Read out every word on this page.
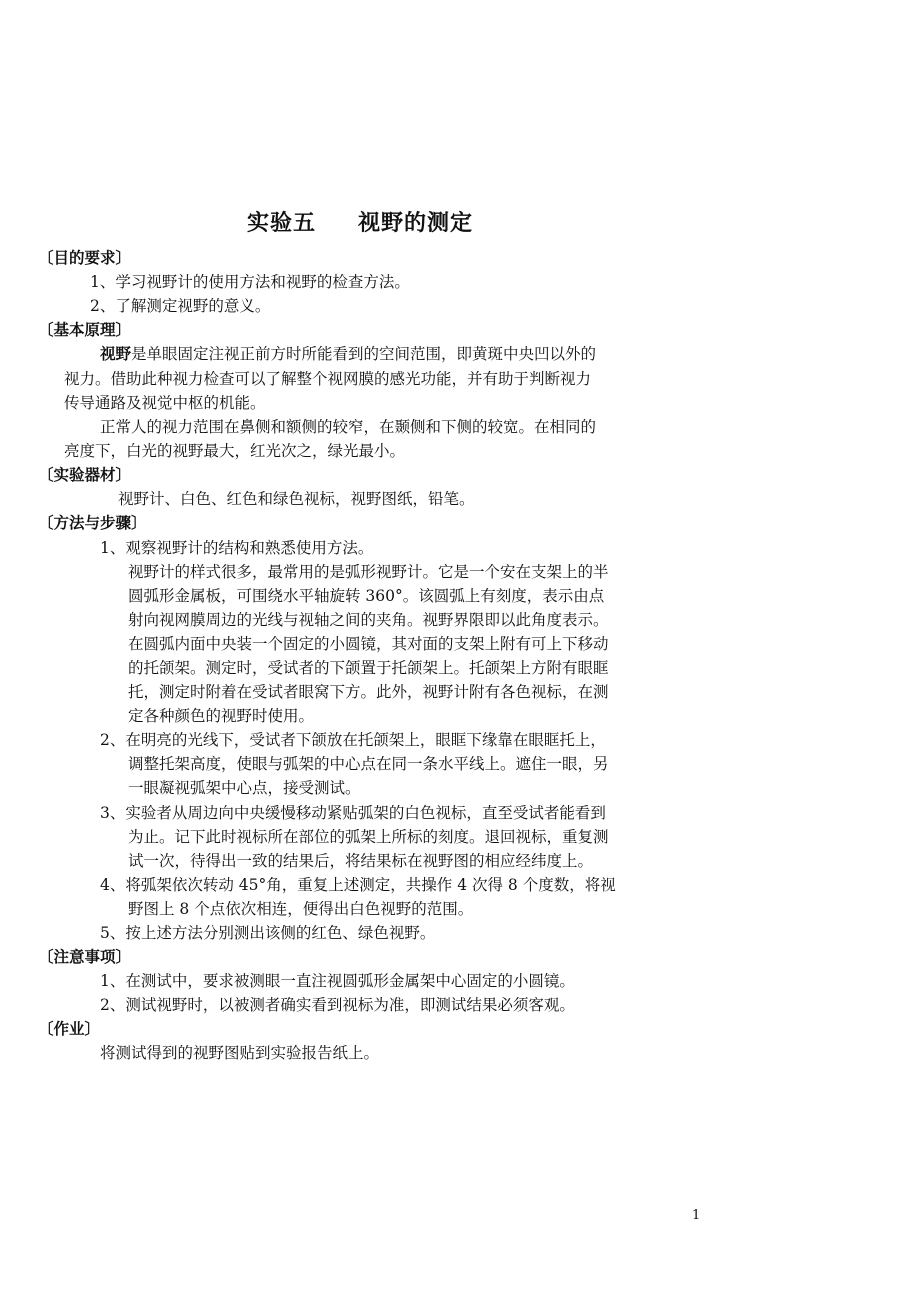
实验五 视野的测定
〔目的要求〕
1、学习视野计的使用方法和视野的检查方法。
2、了解测定视野的意义。
〔基本原理〕
视野是单眼固定注视正前方时所能看到的空间范围，即黄斑中央凹以外的
视力。借助此种视力检查可以了解整个视网膜的感光功能，并有助于判断视力
传导通路及视觉中枢的机能。
正常人的视力范围在鼻侧和额侧的较窄，在颞侧和下侧的较宽。在相同的
亮度下，白光的视野最大，红光次之，绿光最小。
〔实验器材〕
视野计、白色、红色和绿色视标，视野图纸，铅笔。
〔方法与步骤〕
1、观察视野计的结构和熟悉使用方法。
视野计的样式很多，最常用的是弧形视野计。它是一个安在支架上的半
圆弧形金属板，可围绕水平轴旋转 360°。该圆弧上有刻度，表示由点
射向视网膜周边的光线与视轴之间的夹角。视野界限即以此角度表示。
在圆弧内面中央装一个固定的小圆镜，其对面的支架上附有可上下移动
的托颌架。测定时，受试者的下颌置于托颌架上。托颌架上方附有眼眶
托，测定时附着在受试者眼窝下方。此外，视野计附有各色视标，在测
定各种颜色的视野时使用。
2、在明亮的光线下，受试者下颌放在托颌架上，眼眶下缘靠在眼眶托上，
调整托架高度，使眼与弧架的中心点在同一条水平线上。遮住一眼，另
一眼凝视弧架中心点，接受测试。
3、实验者从周边向中央缓慢移动紧贴弧架的白色视标，直至受试者能看到
为止。记下此时视标所在部位的弧架上所标的刻度。退回视标，重复测
试一次，待得出一致的结果后，将结果标在视野图的相应经纬度上。
4、将弧架依次转动 45°角，重复上述测定，共操作 4 次得 8 个度数，将视
野图上 8 个点依次相连，便得出白色视野的范围。
5、按上述方法分别测出该侧的红色、绿色视野。
〔注意事项〕
1、在测试中，要求被测眼一直注视圆弧形金属架中心固定的小圆镜。
2、测试视野时，以被测者确实看到视标为准，即测试结果必须客观。
〔作业〕
将测试得到的视野图贴到实验报告纸上。
1
